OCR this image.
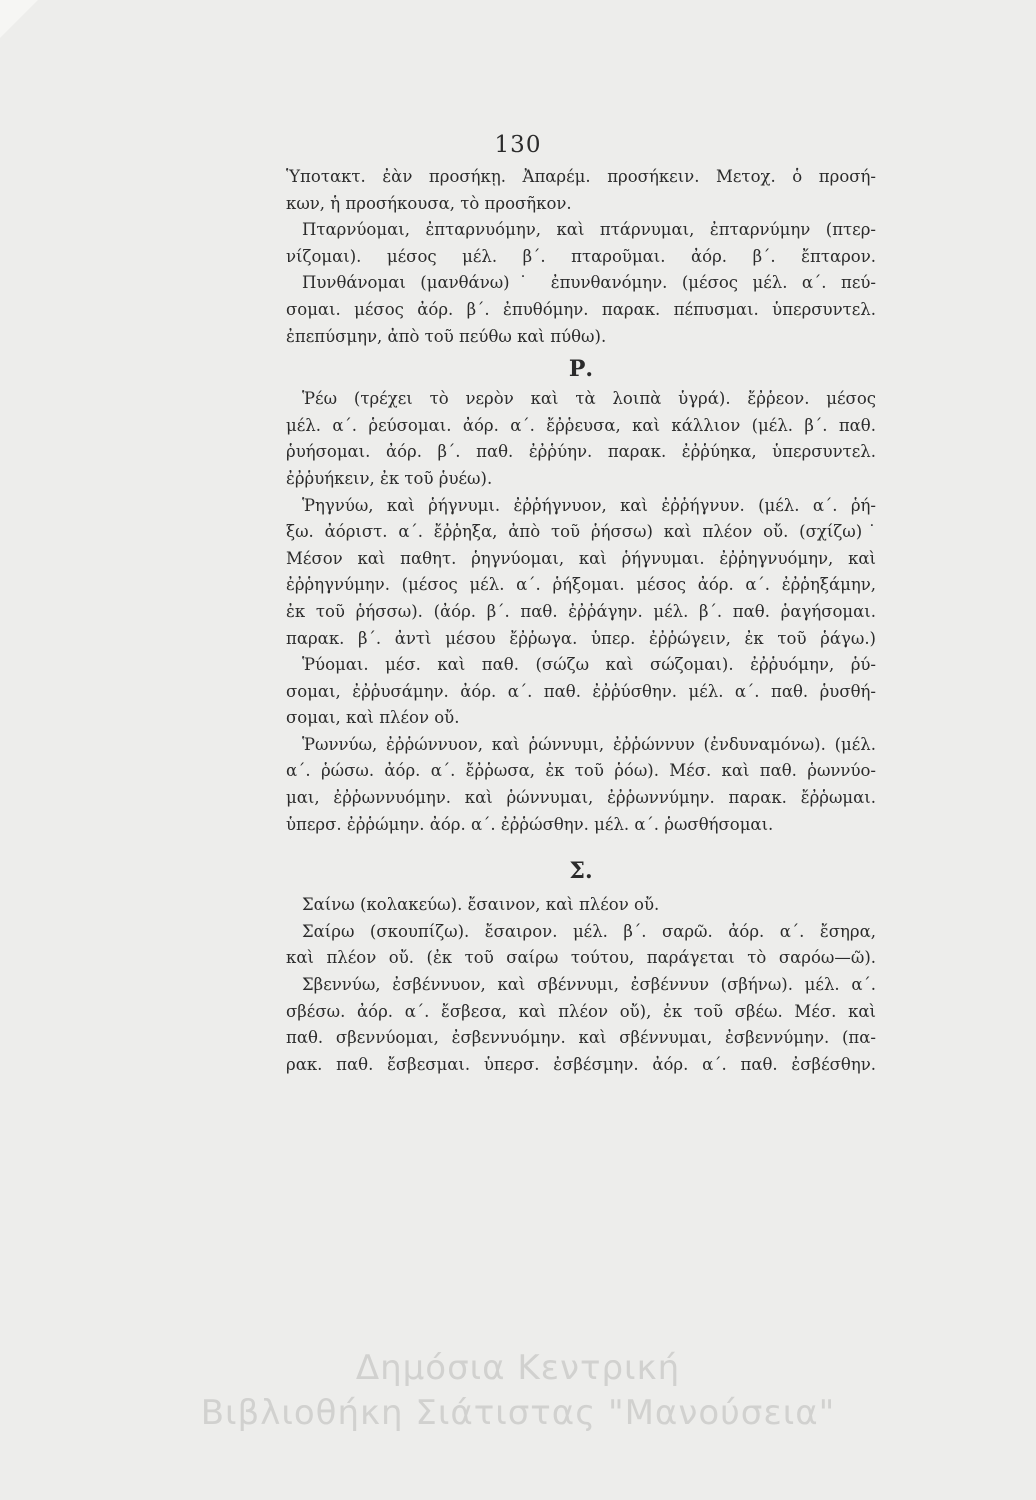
130
Ὑποτακτ. ἐὰν προσήκῃ. Ἀπαρέμ. προσήκειν. Μετοχ. ὁ προσή-
κων, ἡ προσήκουσα, τὸ προσῆκον.
Πταρνύομαι, ἐπταρνυόμην, καὶ πτάρνυμαι, ἐπταρνύμην (πτερ-
νίζομαι). μέσος μέλ. β΄. πταροῦμαι. ἀόρ. β΄. ἔπταρον.
Πυνθάνομαι (μανθάνω)˙ ἐπυνθανόμην. (μέσος μέλ. α΄. πεύ-
σομαι. μέσος ἀόρ. β΄. ἐπυθόμην. παρακ. πέπυσμαι. ὑπερσυντελ.
ἐπεπύσμην, ἀπὸ τοῦ πεύθω καὶ πύθω).
Ρ.
Ῥέω (τρέχει τὸ νερὸν καὶ τὰ λοιπὰ ὑγρά). ἔῤῥεον. μέσος
μέλ. α΄. ῥεύσομαι. ἀόρ. α΄. ἔῤῥευσα, καὶ κάλλιον (μέλ. β΄. παθ.
ῥυήσομαι. ἀόρ. β΄. παθ. ἐῤῥύην. παρακ. ἐῤῥύηκα, ὑπερσυντελ.
ἐῤῥυήκειν, ἐκ τοῦ ῥυέω).
Ῥηγνύω, καὶ ῥήγνυμι. ἐῤῥήγνυον, καὶ ἐῤῥήγνυν. (μέλ. α΄. ῥή-
ξω. ἀόριστ. α΄. ἔῤῥηξα, ἀπὸ τοῦ ῥήσσω) καὶ πλέον οὔ. (σχίζω)˙
Μέσον καὶ παθητ. ῥηγνύομαι, καὶ ῥήγνυμαι. ἐῤῥηγνυόμην, καὶ
ἐῤῥηγνύμην. (μέσος μέλ. α΄. ῥήξομαι. μέσος ἀόρ. α΄. ἐῤῥηξάμην,
ἐκ τοῦ ῥήσσω). (ἀόρ. β΄. παθ. ἐῤῥάγην. μέλ. β΄. παθ. ῥαγήσομαι.
παρακ. β΄. ἀντὶ μέσου ἔῤῥωγα. ὑπερ. ἐῤῥώγειν, ἐκ τοῦ ῥάγω.)
Ῥύομαι. μέσ. καὶ παθ. (σώζω καὶ σώζομαι). ἐῤῥυόμην, ῥύ-
σομαι, ἐῤῥυσάμην. ἀόρ. α΄. παθ. ἐῤῥύσθην. μέλ. α΄. παθ. ῥυσθή-
σομαι, καὶ πλέον οὔ.
Ῥωννύω, ἐῤῥώννυον, καὶ ῥώννυμι, ἐῤῥώννυν (ἐνδυναμόνω). (μέλ.
α΄. ῥώσω. ἀόρ. α΄. ἔῤῥωσα, ἐκ τοῦ ῥόω). Μέσ. καὶ παθ. ῥωννύο-
μαι, ἐῤῥωννυόμην. καὶ ῥώννυμαι, ἐῤῥωννύμην. παρακ. ἔῤῥωμαι.
ὑπερσ. ἐῤῥώμην. ἀόρ. α΄. ἐῤῥώσθην. μέλ. α΄. ῥωσθήσομαι.
Σ.
Σαίνω (κολακεύω). ἔσαινον, καὶ πλέον οὔ.
Σαίρω (σκουπίζω). ἔσαιρον. μέλ. β΄. σαρῶ. ἀόρ. α΄. ἔσηρα,
καὶ πλέον οὔ. (ἐκ τοῦ σαίρω τούτου, παράγεται τὸ σαρόω—ῶ).
Σβεννύω, ἐσβέννυον, καὶ σβέννυμι, ἐσβέννυν (σβήνω). μέλ. α΄.
σβέσω. ἀόρ. α΄. ἔσβεσα, καὶ πλέον οὔ), ἐκ τοῦ σβέω. Μέσ. καὶ
παθ. σβεννύομαι, ἐσβεννυόμην. καὶ σβέννυμαι, ἐσβεννύμην. (πα-
ρακ. παθ. ἔσβεσμαι. ὑπερσ. ἐσβέσμην. ἀόρ. α΄. παθ. ἐσβέσθην.
Δημόσια Κεντρική
Βιβλιοθήκη Σιάτιστας "Μανούσεια"
